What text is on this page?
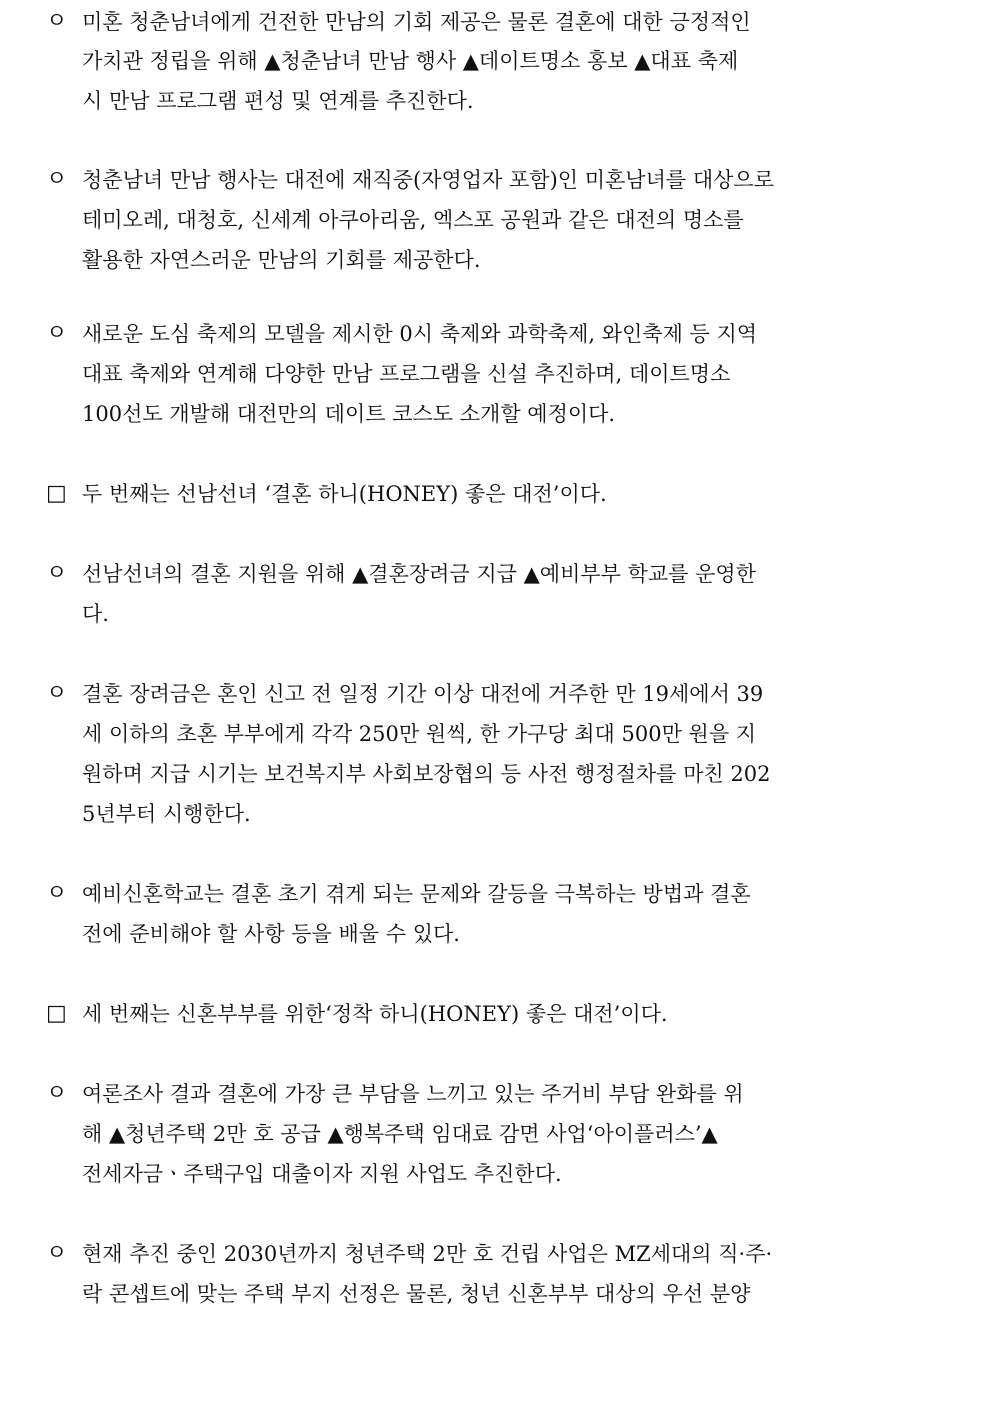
ㅇ 미혼 청춘남녀에게 건전한 만남의 기회 제공은 물론 결혼에 대한 긍정적인
가치관 정립을 위해 ▲청춘남녀 만남 행사 ▲데이트명소 홍보 ▲대표 축제
시 만남 프로그램 편성 및 연계를 추진한다.
ㅇ 청춘남녀 만남 행사는 대전에 재직중(자영업자 포함)인 미혼남녀를 대상으로
테미오레, 대청호, 신세계 아쿠아리움, 엑스포 공원과 같은 대전의 명소를
활용한 자연스러운 만남의 기회를 제공한다.
ㅇ 새로운 도심 축제의 모델을 제시한 0시 축제와 과학축제, 와인축제 등 지역
대표 축제와 연계해 다양한 만남 프로그램을 신설 추진하며, 데이트명소
100선도 개발해 대전만의 데이트 코스도 소개할 예정이다.
□ 두 번째는 선남선녀 ‘결혼 하니(HONEY) 좋은 대전’이다.
ㅇ 선남선녀의 결혼 지원을 위해 ▲결혼장려금 지급 ▲예비부부 학교를 운영한
다.
ㅇ 결혼 장려금은 혼인 신고 전 일정 기간 이상 대전에 거주한 만 19세에서 39
세 이하의 초혼 부부에게 각각 250만 원씩, 한 가구당 최대 500만 원을 지
원하며 지급 시기는 보건복지부 사회보장협의 등 사전 행정절차를 마친 202
5년부터 시행한다.
ㅇ 예비신혼학교는 결혼 초기 겪게 되는 문제와 갈등을 극복하는 방법과 결혼
전에 준비해야 할 사항 등을 배울 수 있다.
□ 세 번째는 신혼부부를 위한‘정착 하니(HONEY) 좋은 대전’이다.
ㅇ 여론조사 결과 결혼에 가장 큰 부담을 느끼고 있는 주거비 부담 완화를 위
해 ▲청년주택 2만 호 공급 ▲행복주택 임대료 감면 사업‘아이플러스’▲
전세자금ㆍ주택구입 대출이자 지원 사업도 추진한다.
ㅇ 현재 추진 중인 2030년까지 청년주택 2만 호 건립 사업은 MZ세대의 직·주·
락 콘셉트에 맞는 주택 부지 선정은 물론, 청년 신혼부부 대상의 우선 분양
